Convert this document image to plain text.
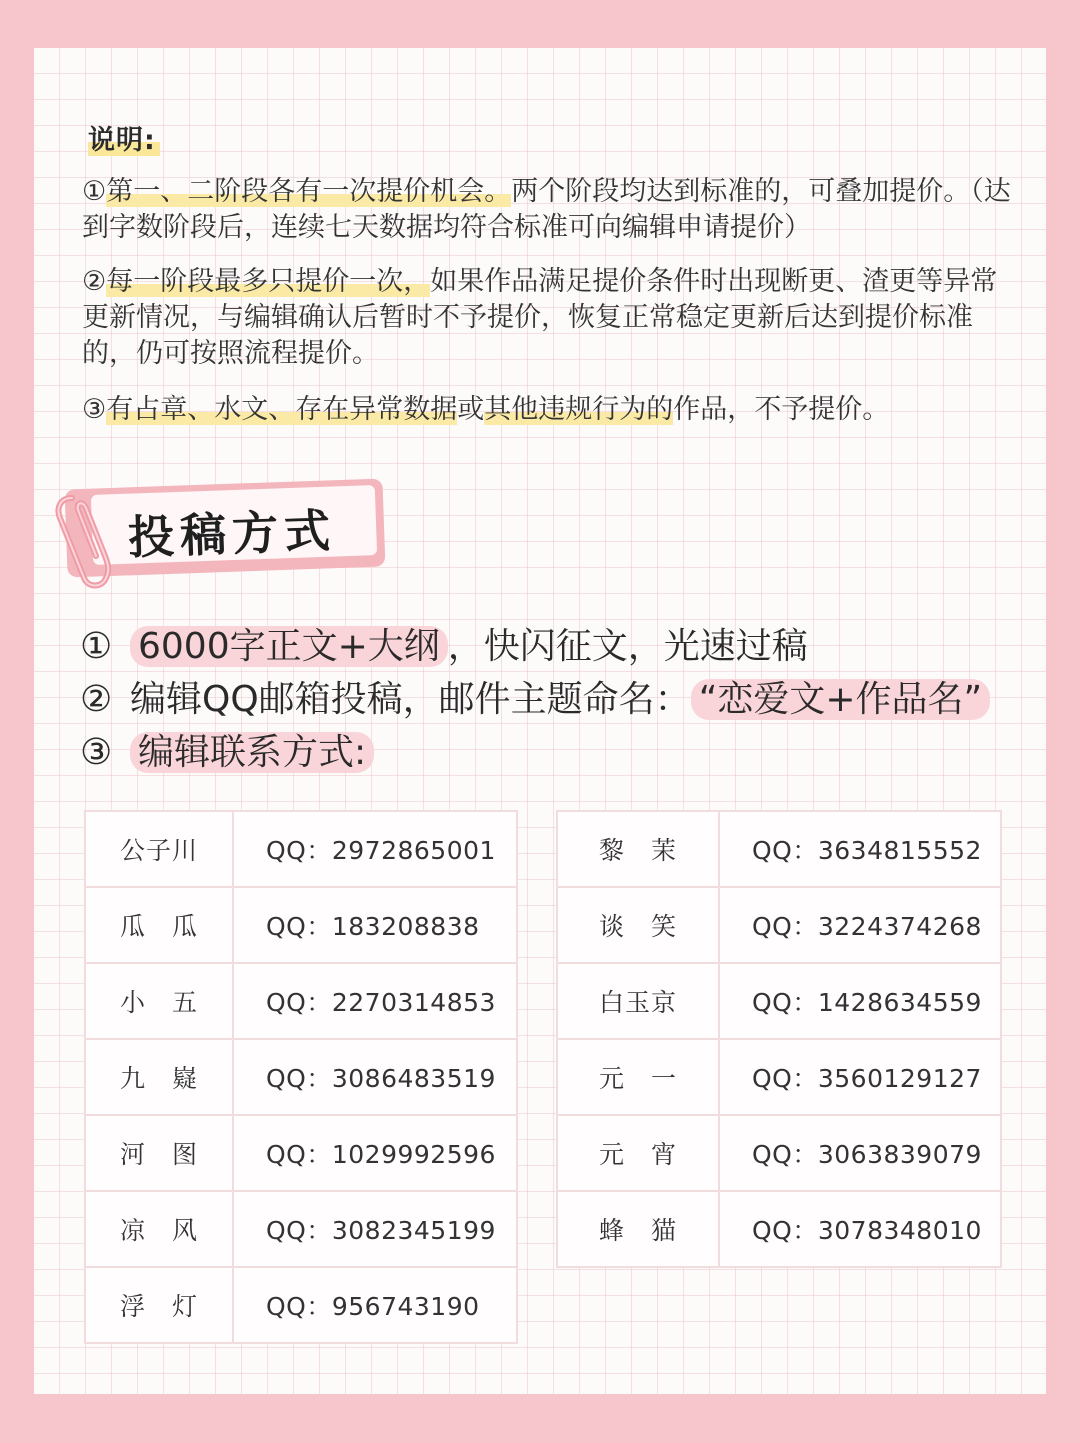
说明:

①第一、二阶段各有一次提价机会。两个阶段均达到标准的，可叠加提价。（达到字数阶段后，连续七天数据均符合标准可向编辑申请提价）

②每一阶段最多只提价一次，如果作品满足提价条件时出现断更、渣更等异常更新情况，与编辑确认后暂时不予提价，恢复正常稳定更新后达到提价标准的，仍可按照流程提价。

③有占章、水文、存在异常数据或其他违规行为的作品，不予提价。

投稿方式
① 6000字正文+大纲 ，快闪征文，光速过稿
② 编辑QQ邮箱投稿，邮件主题命名： “恋爱文+作品名”
③ 编辑联系方式:
公子川	QQ：2972865001
瓜　瓜	QQ：183208838
小　五	QQ：2270314853
九　嶷	QQ：3086483519
河　图	QQ：1029992596
凉　风	QQ：3082345199
浮　灯	QQ：956743190
黎　茉	QQ：3634815552
谈　笑	QQ：3224374268
白玉京	QQ：1428634559
元　一	QQ：3560129127
元　宵	QQ：3063839079
蜂　猫	QQ：3078348010
